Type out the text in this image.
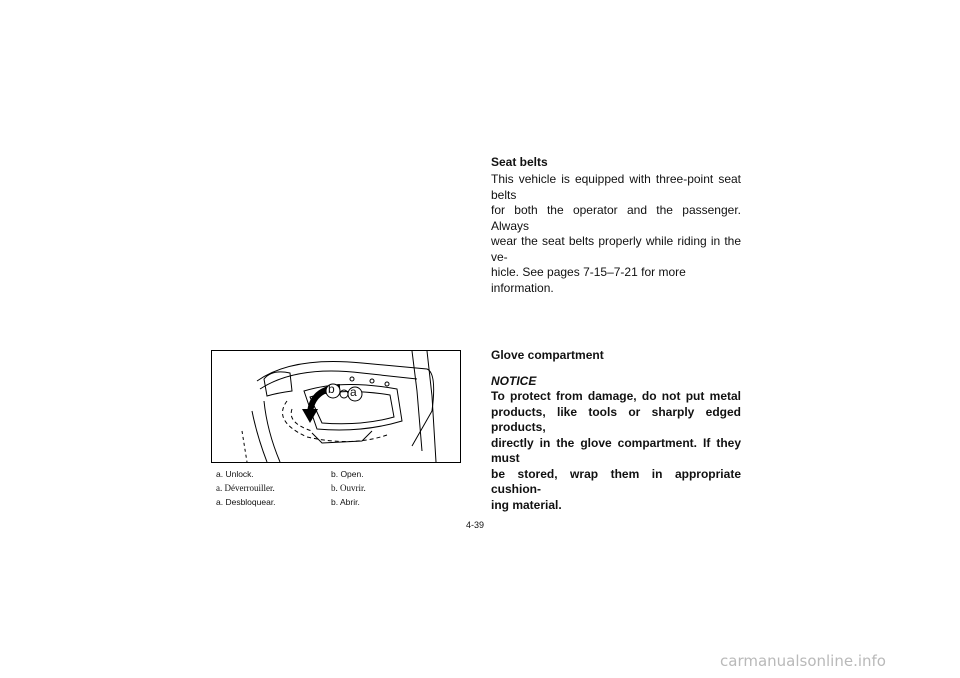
Seat belts

This vehicle is equipped with three-point seat belts
for both the operator and the passenger. Always
wear the seat belts properly while riding in the ve-
hicle. See pages 7-15–7-21 for more information.
b a
a. Unlock.	b. Open.
a. Déverrouiller.	b. Ouvrir.
a. Desbloquear.	b. Abrir.

Glove compartment

NOTICE

To protect from damage, do not put metal
products, like tools or sharply edged products,
directly in the glove compartment. If they must
be stored, wrap them in appropriate cushion-
ing material.
4-39
carmanualsonline.info
